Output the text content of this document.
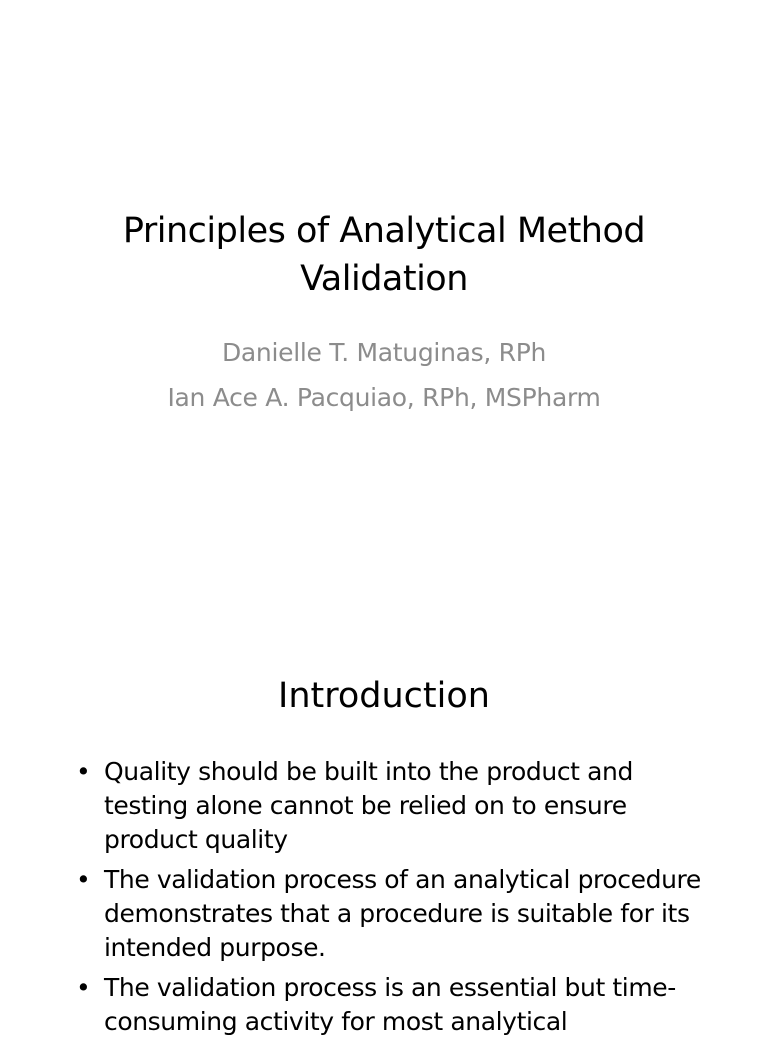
Principles of Analytical Method
Validation

Danielle T. Matuginas, RPh

Ian Ace A. Pacquiao, RPh, MSPharm

Introduction
• Quality should be built into the product and testing alone cannot be relied on to ensure product quality
• The validation process of an analytical procedure demonstrates that a procedure is suitable for its intended purpose.
• The validation process is an essential but time-consuming activity for most analytical
